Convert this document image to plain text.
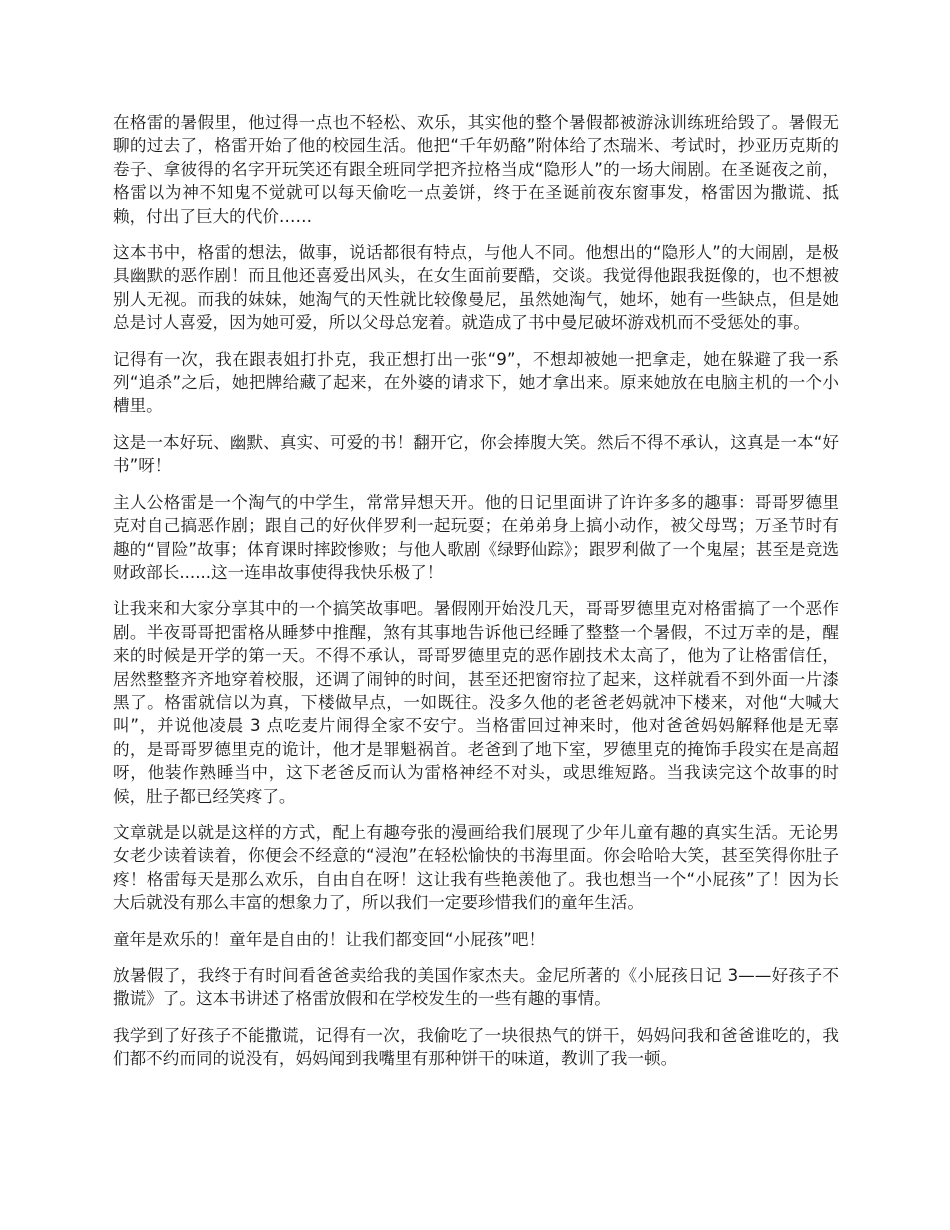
在格雷的暑假里，他过得一点也不轻松、欢乐，其实他的整个暑假都被游泳训练班给毁了。暑假无聊的过去了，格雷开始了他的校园生活。他把“千年奶酪”附体给了杰瑞米、考试时，抄亚历克斯的卷子、拿彼得的名字开玩笑还有跟全班同学把齐拉格当成“隐形人”的一场大闹剧。在圣诞夜之前，格雷以为神不知鬼不觉就可以每天偷吃一点姜饼，终于在圣诞前夜东窗事发，格雷因为撒谎、抵赖，付出了巨大的代价……

这本书中，格雷的想法，做事，说话都很有特点，与他人不同。他想出的“隐形人”的大闹剧，是极具幽默的恶作剧！而且他还喜爱出风头，在女生面前要酷，交谈。我觉得他跟我挺像的，也不想被别人无视。而我的妹妹，她淘气的天性就比较像曼尼，虽然她淘气，她坏，她有一些缺点，但是她总是讨人喜爱，因为她可爱，所以父母总宠着。就造成了书中曼尼破坏游戏机而不受惩处的事。

记得有一次，我在跟表姐打扑克，我正想打出一张“9”，不想却被她一把拿走，她在躲避了我一系列“追杀”之后，她把牌给藏了起来，在外婆的请求下，她才拿出来。原来她放在电脑主机的一个小槽里。

这是一本好玩、幽默、真实、可爱的书！翻开它，你会捧腹大笑。然后不得不承认，这真是一本“好书”呀！

主人公格雷是一个淘气的中学生，常常异想天开。他的日记里面讲了许许多多的趣事：哥哥罗德里克对自己搞恶作剧；跟自己的好伙伴罗利一起玩耍；在弟弟身上搞小动作，被父母骂；万圣节时有趣的“冒险”故事；体育课时摔跤惨败；与他人歌剧《绿野仙踪》；跟罗利做了一个鬼屋；甚至是竞选财政部长......这一连串故事使得我快乐极了！

让我来和大家分享其中的一个搞笑故事吧。暑假刚开始没几天，哥哥罗德里克对格雷搞了一个恶作剧。半夜哥哥把雷格从睡梦中推醒，煞有其事地告诉他已经睡了整整一个暑假，不过万幸的是，醒来的时候是开学的第一天。不得不承认，哥哥罗德里克的恶作剧技术太高了，他为了让格雷信任，居然整整齐齐地穿着校服，还调了闹钟的时间，甚至还把窗帘拉了起来，这样就看不到外面一片漆黑了。格雷就信以为真，下楼做早点，一如既往。没多久他的老爸老妈就冲下楼来，对他“大喊大叫”，并说他凌晨 3 点吃麦片闹得全家不安宁。当格雷回过神来时，他对爸爸妈妈解释他是无辜的，是哥哥罗德里克的诡计，他才是罪魁祸首。老爸到了地下室，罗德里克的掩饰手段实在是高超呀，他装作熟睡当中，这下老爸反而认为雷格神经不对头，或思维短路。当我读完这个故事的时候，肚子都已经笑疼了。

文章就是以就是这样的方式，配上有趣夸张的漫画给我们展现了少年儿童有趣的真实生活。无论男女老少读着读着，你便会不经意的“浸泡”在轻松愉快的书海里面。你会哈哈大笑，甚至笑得你肚子疼！格雷每天是那么欢乐，自由自在呀！这让我有些艳羡他了。我也想当一个“小屁孩”了！因为长大后就没有那么丰富的想象力了，所以我们一定要珍惜我们的童年生活。

童年是欢乐的！童年是自由的！让我们都变回“小屁孩”吧！

放暑假了，我终于有时间看爸爸卖给我的美国作家杰夫。金尼所著的《小屁孩日记 3——好孩子不撒谎》了。这本书讲述了格雷放假和在学校发生的一些有趣的事情。

我学到了好孩子不能撒谎，记得有一次，我偷吃了一块很热气的饼干，妈妈问我和爸爸谁吃的，我们都不约而同的说没有，妈妈闻到我嘴里有那种饼干的味道，教训了我一顿。
